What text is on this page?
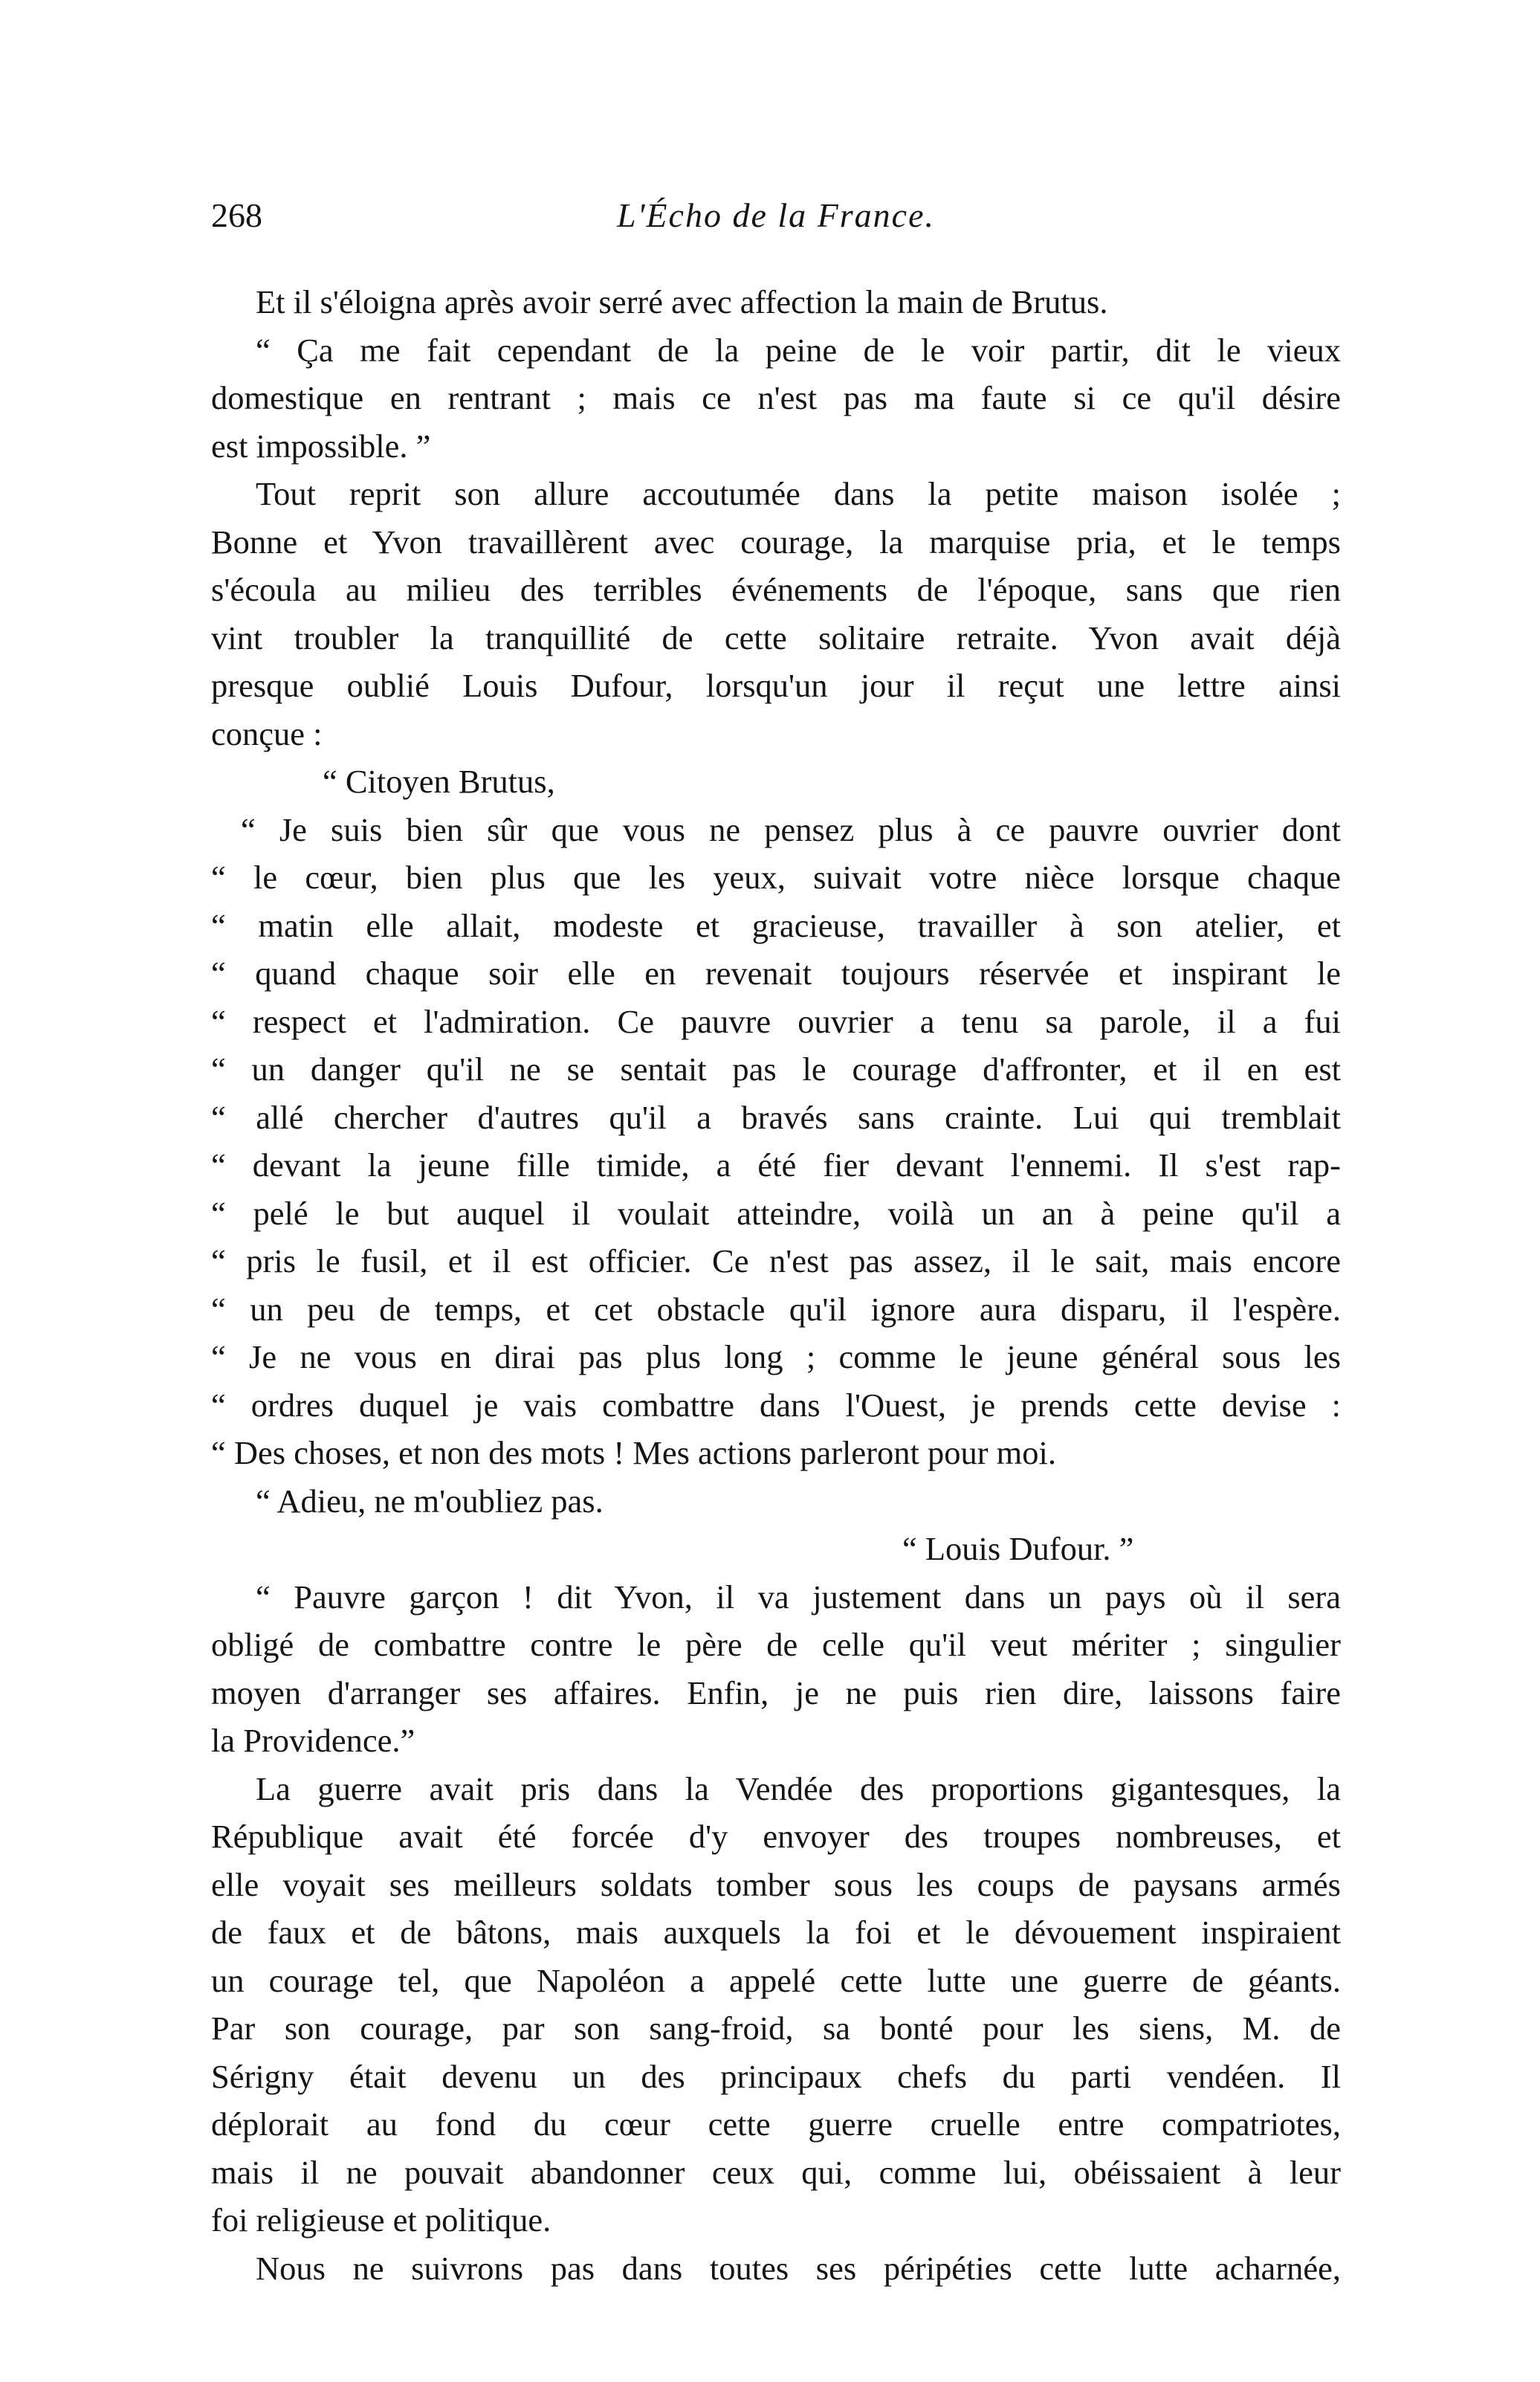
268	L'Écho de la France.
Et il s'éloigna après avoir serré avec affection la main de Brutus.
“ Ça me fait cependant de la peine de le voir partir, dit le vieux
domestique en rentrant ; mais ce n'est pas ma faute si ce qu'il désire
est impossible. ”
Tout reprit son allure accoutumée dans la petite maison isolée ;
Bonne et Yvon travaillèrent avec courage, la marquise pria, et le temps
s'écoula au milieu des terribles événements de l'époque, sans que rien
vint troubler la tranquillité de cette solitaire retraite. Yvon avait déjà
presque oublié Louis Dufour, lorsqu'un jour il reçut une lettre ainsi
conçue :
“ Citoyen Brutus,
“ Je suis bien sûr que vous ne pensez plus à ce pauvre ouvrier dont
“ le cœur, bien plus que les yeux, suivait votre nièce lorsque chaque
“ matin elle allait, modeste et gracieuse, travailler à son atelier, et
“ quand chaque soir elle en revenait toujours réservée et inspirant le
“ respect et l'admiration. Ce pauvre ouvrier a tenu sa parole, il a fui
“ un danger qu'il ne se sentait pas le courage d'affronter, et il en est
“ allé chercher d'autres qu'il a bravés sans crainte. Lui qui tremblait
“ devant la jeune fille timide, a été fier devant l'ennemi. Il s'est rap-
“ pelé le but auquel il voulait atteindre, voilà un an à peine qu'il a
“ pris le fusil, et il est officier. Ce n'est pas assez, il le sait, mais encore
“ un peu de temps, et cet obstacle qu'il ignore aura disparu, il l'espère.
“ Je ne vous en dirai pas plus long ; comme le jeune général sous les
“ ordres duquel je vais combattre dans l'Ouest, je prends cette devise :
“ Des choses, et non des mots ! Mes actions parleront pour moi.
“ Adieu, ne m'oubliez pas.
“ Louis Dufour. ”
“ Pauvre garçon ! dit Yvon, il va justement dans un pays où il sera
obligé de combattre contre le père de celle qu'il veut mériter ; singulier
moyen d'arranger ses affaires. Enfin, je ne puis rien dire, laissons faire
la Providence.”
La guerre avait pris dans la Vendée des proportions gigantesques, la
République avait été forcée d'y envoyer des troupes nombreuses, et
elle voyait ses meilleurs soldats tomber sous les coups de paysans armés
de faux et de bâtons, mais auxquels la foi et le dévouement inspiraient
un courage tel, que Napoléon a appelé cette lutte une guerre de géants.
Par son courage, par son sang-froid, sa bonté pour les siens, M. de
Sérigny était devenu un des principaux chefs du parti vendéen. Il
déplorait au fond du cœur cette guerre cruelle entre compatriotes,
mais il ne pouvait abandonner ceux qui, comme lui, obéissaient à leur
foi religieuse et politique.
Nous ne suivrons pas dans toutes ses péripéties cette lutte acharnée,
